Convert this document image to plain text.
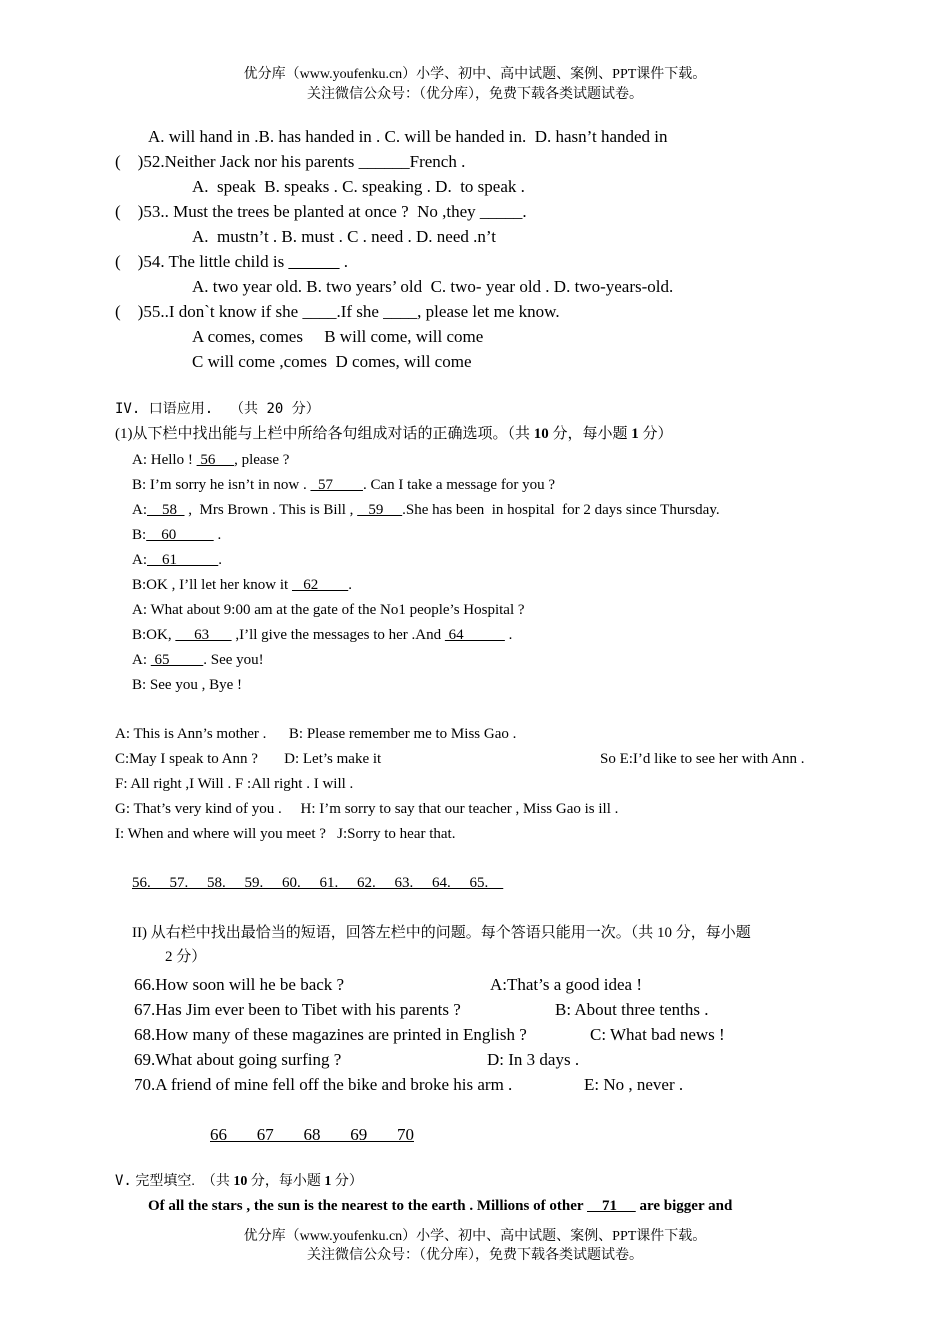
优分库（www.youfenku.cn）小学、初中、高中试题、案例、PPT课件下载。
关注微信公众号：（优分库），免费下载各类试题试卷。
A. will hand in .B. has handed in . C. will be handed in.  D. hasn’t handed in
(    )52.Neither Jack nor his parents ______French .
A.  speak  B. speaks . C. speaking . D.  to speak .
(    )53.. Must the trees be planted at once ?  No ,they _____.
A.  mustn’t . B. must . C . need . D. need .n’t
(    )54. The little child is ______ .
A. two year old. B. two years’ old  C. two- year old . D. two-years-old.
(    )55..I don`t know if she ____.If she ____, please let me know.
A comes, comes     B will come, will come
C will come ,comes  D comes, will come
IV. 口语应用.  （共 20 分）
(1)从下栏中找出能与上栏中所给各句组成对话的正确选项。（共 10 分，每小题 1 分）
A: Hello !  56     , please ?
B: I’m sorry he isn’t in now .   57        . Can I take a message for you ?
A:    58   ,  Mrs Brown . This is Bill ,    59     .She has been  in hospital  for 2 days since Thursday.
B:    60           .
A:    61           .
B:OK , I’ll let her know it    62        .
A: What about 9:00 am at the gate of the No1 people’s Hospital ?
B:OK,      63       ,I’ll give the messages to her .And  64            .
A:  65         . See you!
B: See you , Bye !
A: This is Ann’s mother .      B: Please remember me to Miss Gao .
C:May I speak to Ann ?       D: Let’s make it	So E:I’d like to see her with Ann .
F: All right ,I Will . F :All right . I will .
G: That’s very kind of you .     H: I’m sorry to say that our teacher , Miss Gao is ill .
I: When and where will you meet ?   J:Sorry to hear that.
56.     57.     58.     59.     60.     61.     62.     63.     64.     65.
II) 从右栏中找出最恰当的短语，回答左栏中的问题。每个答语只能用一次。（共 10 分，每小题
2 分）
66.How soon will he be back ?	A:That’s a good idea !
67.Has Jim ever been to Tibet with his parents ?	B: About three tenths .
68.How many of these magazines are printed in English ?	C: What bad news !
69.What about going surfing ?	D: In 3 days .
70.A friend of mine fell off the bike and broke his arm .	E: No , never .
66       67       68       69       70
V. 完型填空.  （共 10 分，每小题 1 分）
Of all the stars , the sun is the nearest to the earth . Millions of other     71      are bigger and
优分库（www.youfenku.cn）小学、初中、高中试题、案例、PPT课件下载。
关注微信公众号：（优分库），免费下载各类试题试卷。
